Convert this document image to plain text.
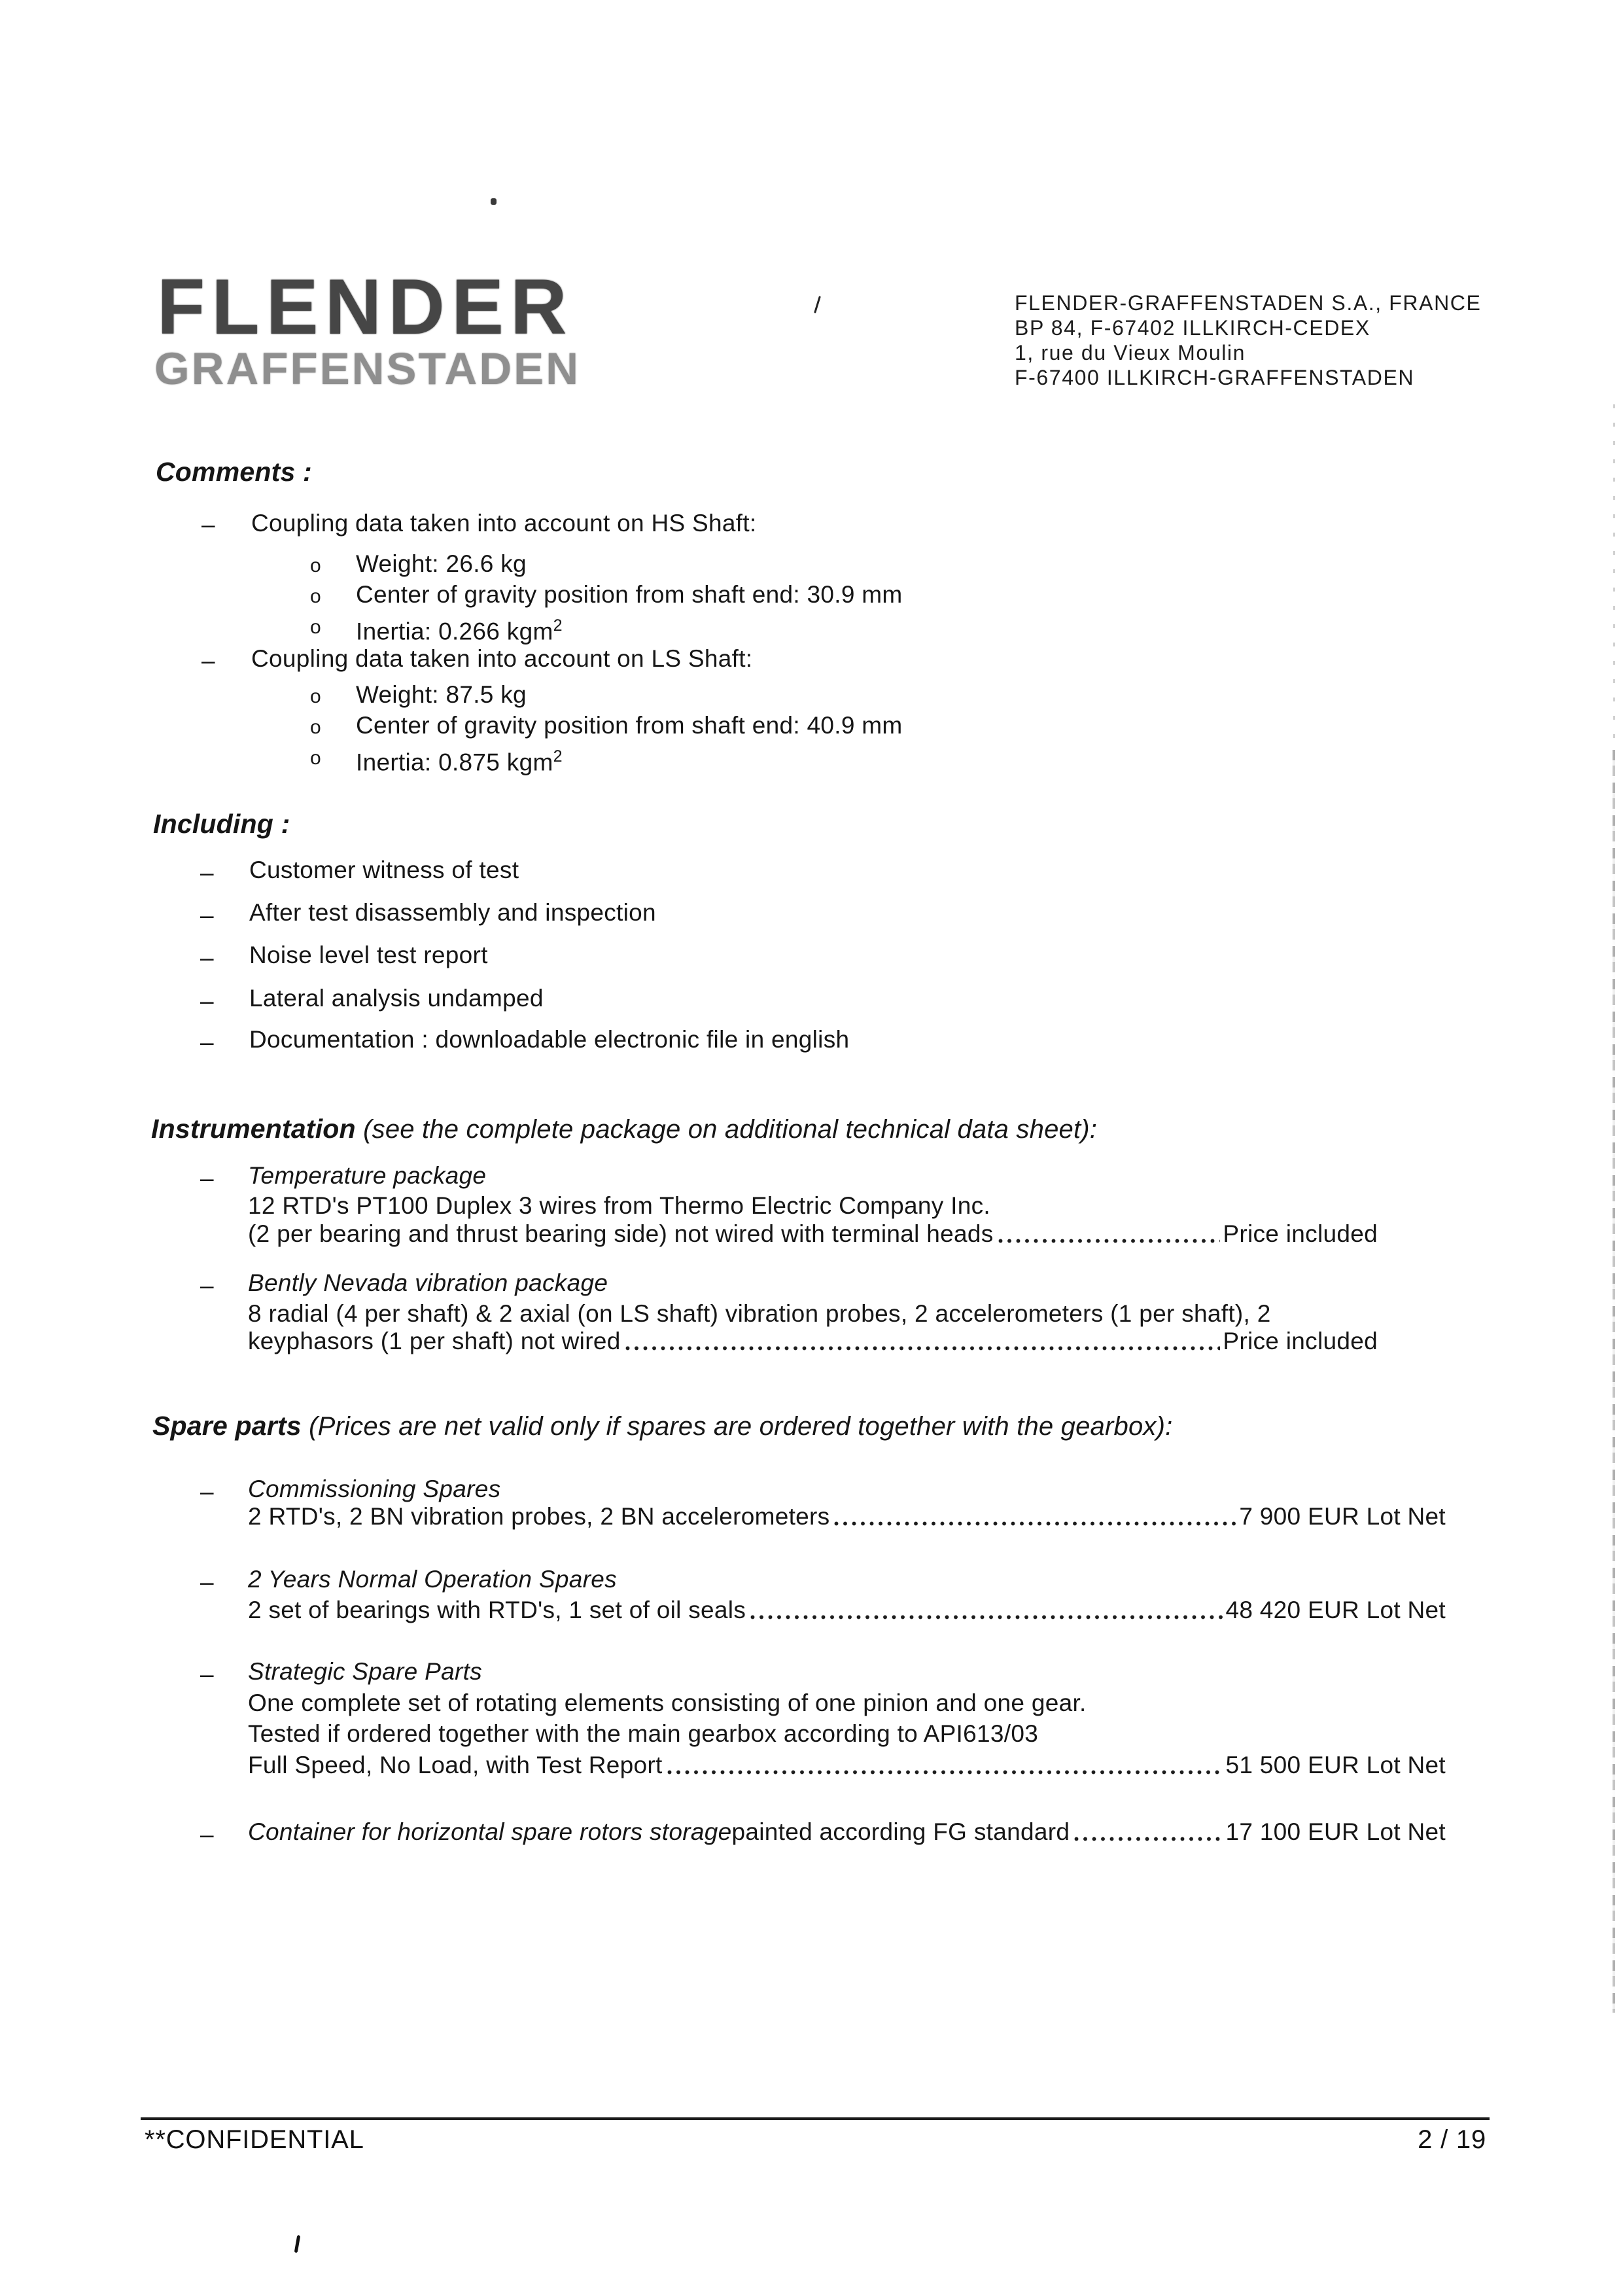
FLENDER
GRAFFENSTADEN
FLENDER-GRAFFENSTADEN S.A., FRANCE
BP 84, F-67402 ILLKIRCH-CEDEX
1, rue du Vieux Moulin
F-67400 ILLKIRCH-GRAFFENSTADEN
Comments :
– Coupling data taken into account on HS Shaft:
o Weight: 26.6 kg
o Center of gravity position from shaft end: 30.9 mm
o Inertia: 0.266 kgm$^2$
– Coupling data taken into account on LS Shaft:
o Weight: 87.5 kg
o Center of gravity position from shaft end: 40.9 mm
o Inertia: 0.875 kgm$^2$
Including :
– Customer witness of test
– After test disassembly and inspection
– Noise level test report
– Lateral analysis undamped
– Documentation : downloadable electronic file in english
Instrumentation (see the complete package on additional technical data sheet):
– Temperature package
12 RTD's PT100 Duplex 3 wires from Thermo Electric Company Inc.
(2 per bearing and thrust bearing side) not wired with terminal heads	Price included
– Bently Nevada vibration package
8 radial (4 per shaft) & 2 axial (on LS shaft) vibration probes, 2 accelerometers (1 per shaft), 2
keyphasors (1 per shaft) not wired	Price included
Spare parts (Prices are net valid only if spares are ordered together with the gearbox):
– Commissioning Spares
2 RTD's, 2 BN vibration probes, 2 BN accelerometers	7 900 EUR Lot Net
– 2 Years Normal Operation Spares
2 set of bearings with RTD's, 1 set of oil seals	48 420 EUR Lot Net
– Strategic Spare Parts
One complete set of rotating elements consisting of one pinion and one gear.
Tested if ordered together with the main gearbox according to API613/03
Full Speed, No Load, with Test Report	51 500 EUR Lot Net
– Container for horizontal spare rotors storage painted according FG standard	17 100 EUR Lot Net
**CONFIDENTIAL	2 / 19
